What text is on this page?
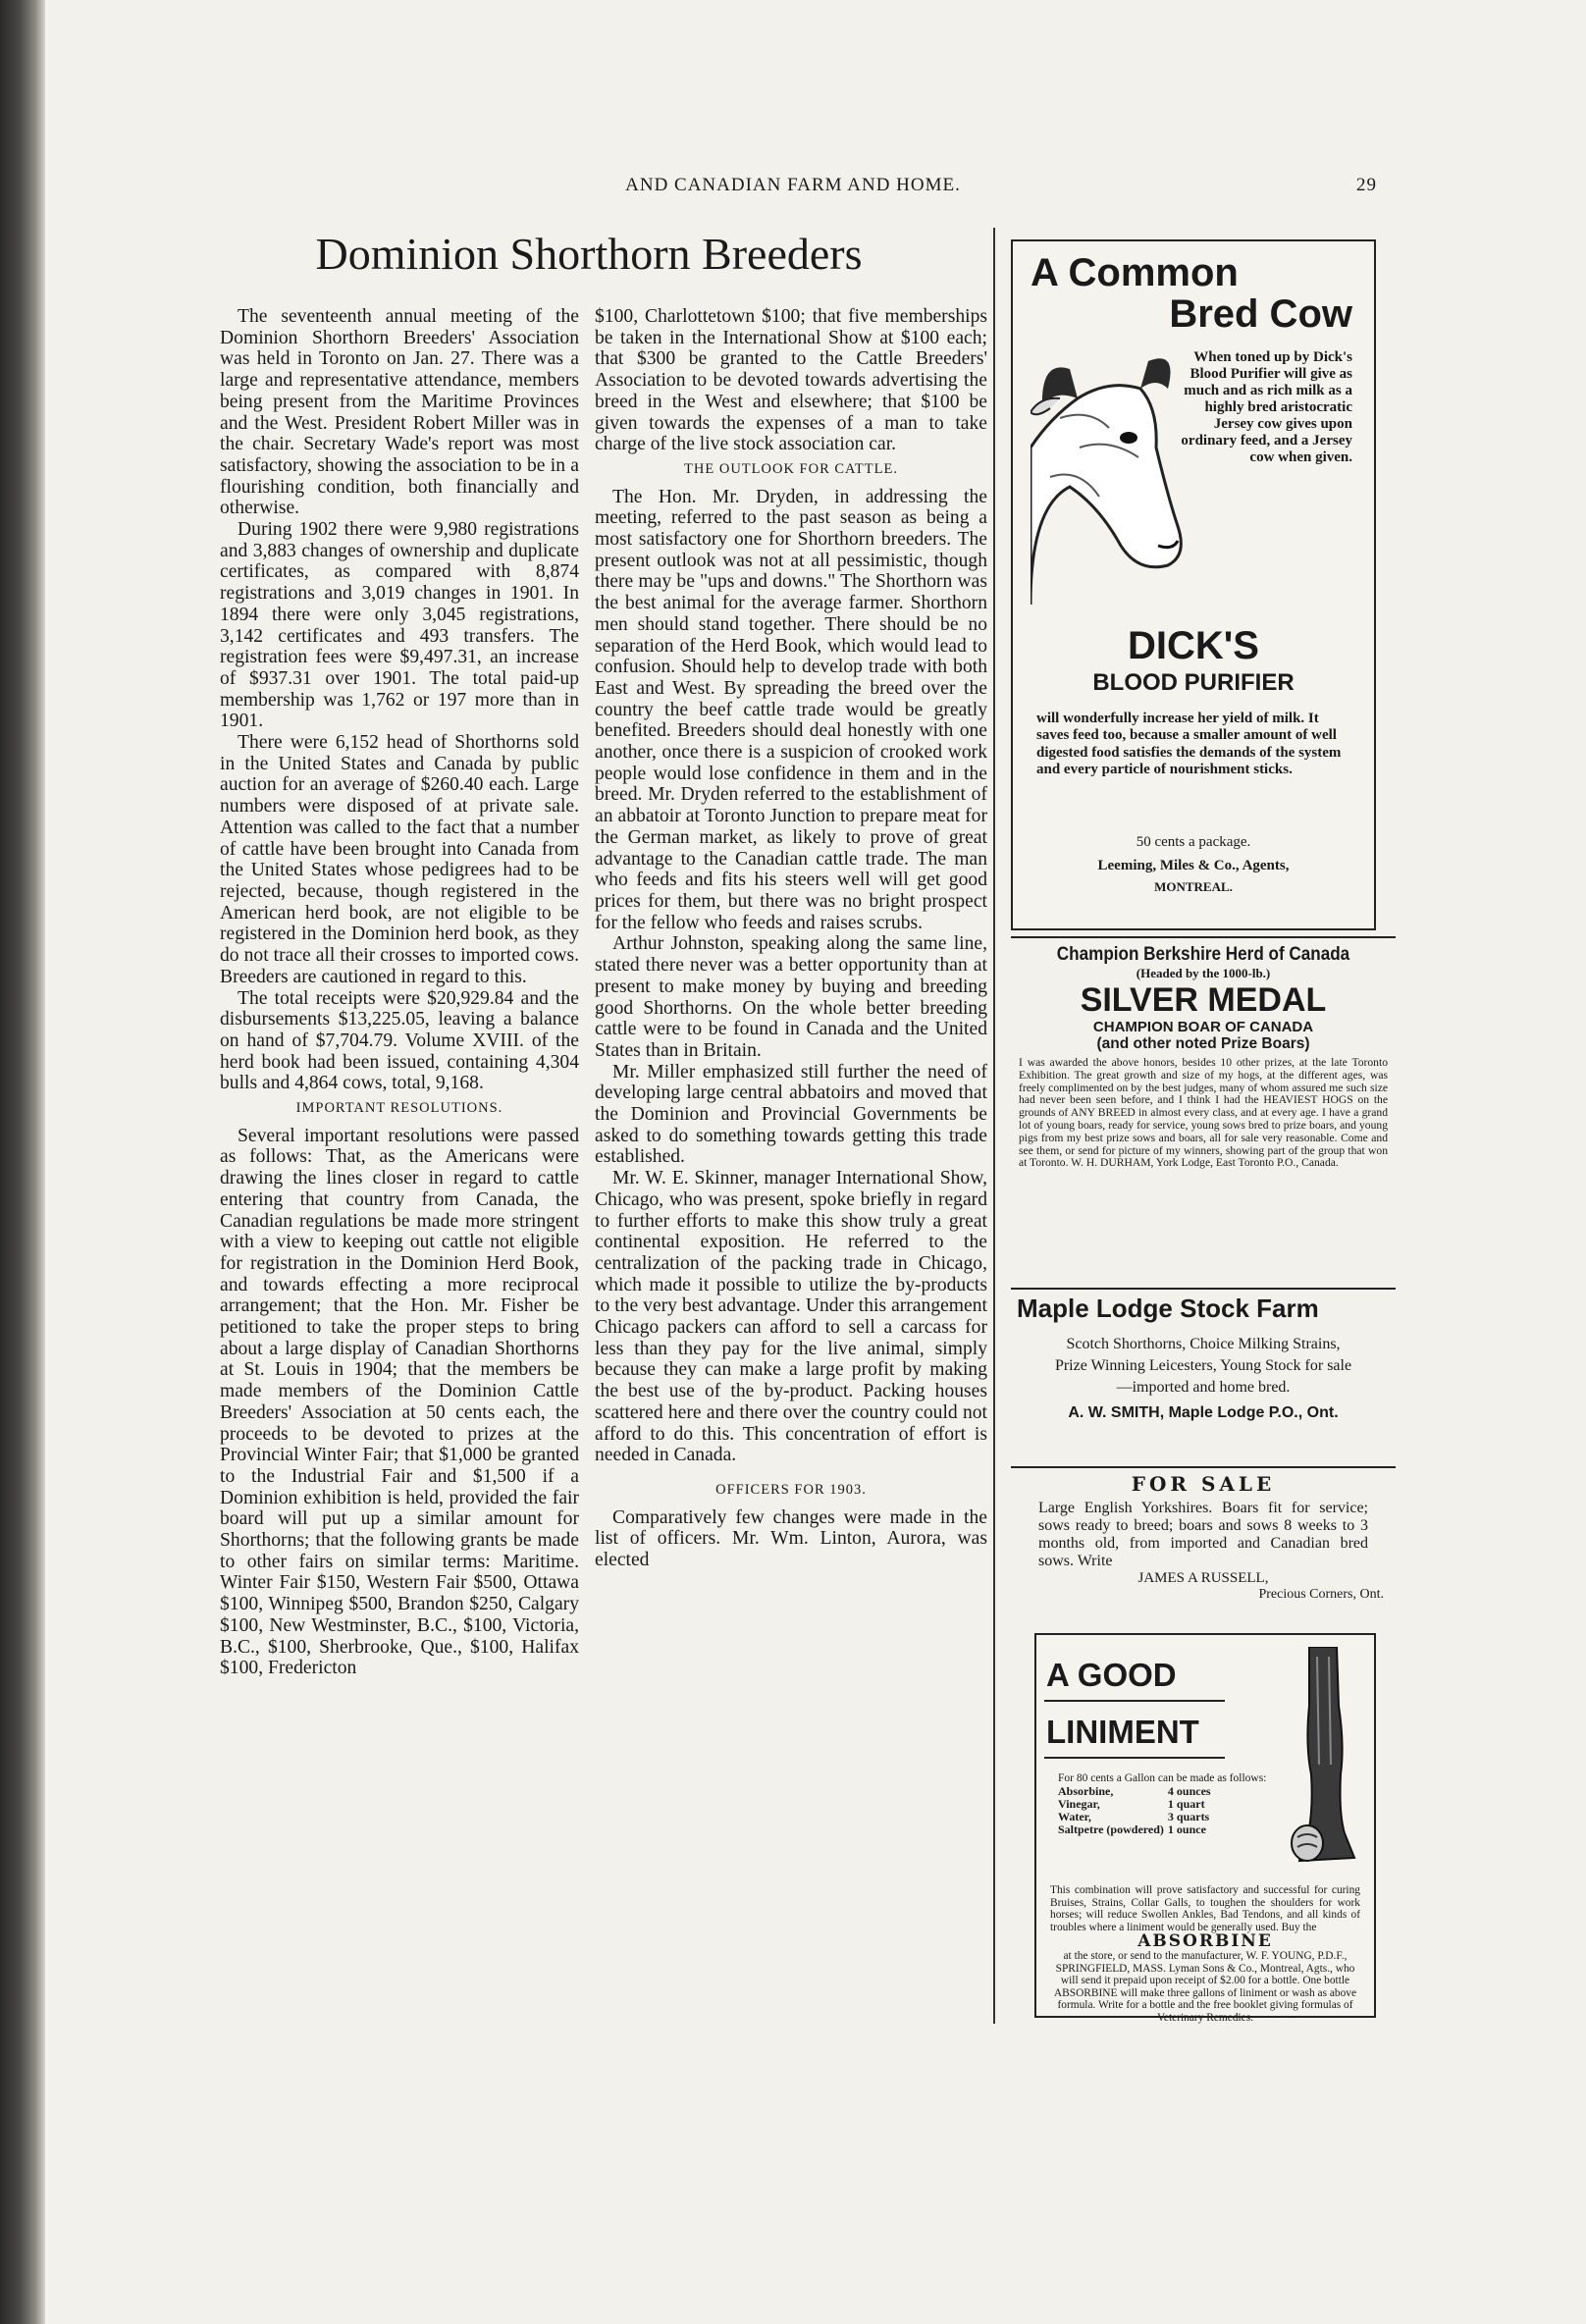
AND CANADIAN FARM AND HOME.	29
Dominion Shorthorn Breeders

The seventeenth annual meeting of the Dominion Shorthorn Breeders' Association was held in Toronto on Jan. 27. There was a large and representative attendance, members being present from the Maritime Provinces and the West. President Robert Miller was in the chair. Secretary Wade's report was most satisfactory, showing the association to be in a flourishing condition, both financially and otherwise.

During 1902 there were 9,980 registrations and 3,883 changes of ownership and duplicate certificates, as compared with 8,874 registrations and 3,019 changes in 1901. In 1894 there were only 3,045 registrations, 3,142 certificates and 493 transfers. The registration fees were $9,497.31, an increase of $937.31 over 1901. The total paid-up membership was 1,762 or 197 more than in 1901.

There were 6,152 head of Shorthorns sold in the United States and Canada by public auction for an average of $260.40 each. Large numbers were disposed of at private sale. Attention was called to the fact that a number of cattle have been brought into Canada from the United States whose pedigrees had to be rejected, because, though registered in the American herd book, are not eligible to be registered in the Dominion herd book, as they do not trace all their crosses to imported cows. Breeders are cautioned in regard to this.

The total receipts were $20,929.84 and the disbursements $13,225.05, leaving a balance on hand of $7,704.79. Volume XVIII. of the herd book had been issued, containing 4,304 bulls and 4,864 cows, total, 9,168.

IMPORTANT RESOLUTIONS.

Several important resolutions were passed as follows: That, as the Americans were drawing the lines closer in regard to cattle entering that country from Canada, the Canadian regulations be made more stringent with a view to keeping out cattle not eligible for registration in the Dominion Herd Book, and towards effecting a more reciprocal arrangement; that the Hon. Mr. Fisher be petitioned to take the proper steps to bring about a large display of Canadian Shorthorns at St. Louis in 1904; that the members be made members of the Dominion Cattle Breeders' Association at 50 cents each, the proceeds to be devoted to prizes at the Provincial Winter Fair; that $1,000 be granted to the Industrial Fair and $1,500 if a Dominion exhibition is held, provided the fair board will put up a similar amount for Shorthorns; that the following grants be made to other fairs on similar terms: Maritime. Winter Fair $150, Western Fair $500, Ottawa $100, Winnipeg $500, Brandon $250, Calgary $100, New Westminster, B.C., $100, Victoria, B.C., $100, Sherbrooke, Que., $100, Halifax $100, Fredericton

$100, Charlottetown $100; that five memberships be taken in the International Show at $100 each; that $300 be granted to the Cattle Breeders' Association to be devoted towards advertising the breed in the West and elsewhere; that $100 be given towards the expenses of a man to take charge of the live stock association car.

THE OUTLOOK FOR CATTLE.

The Hon. Mr. Dryden, in addressing the meeting, referred to the past season as being a most satisfactory one for Shorthorn breeders. The present outlook was not at all pessimistic, though there may be "ups and downs." The Shorthorn was the best animal for the average farmer. Shorthorn men should stand together. There should be no separation of the Herd Book, which would lead to confusion. Should help to develop trade with both East and West. By spreading the breed over the country the beef cattle trade would be greatly benefited. Breeders should deal honestly with one another, once there is a suspicion of crooked work people would lose confidence in them and in the breed. Mr. Dryden referred to the establishment of an abbatoir at Toronto Junction to prepare meat for the German market, as likely to prove of great advantage to the Canadian cattle trade. The man who feeds and fits his steers well will get good prices for them, but there was no bright prospect for the fellow who feeds and raises scrubs.

Arthur Johnston, speaking along the same line, stated there never was a better opportunity than at present to make money by buying and breeding good Shorthorns. On the whole better breeding cattle were to be found in Canada and the United States than in Britain.

Mr. Miller emphasized still further the need of developing large central abbatoirs and moved that the Dominion and Provincial Governments be asked to do something towards getting this trade established.

Mr. W. E. Skinner, manager International Show, Chicago, who was present, spoke briefly in regard to further efforts to make this show truly a great continental exposition. He referred to the centralization of the packing trade in Chicago, which made it possible to utilize the by-products to the very best advantage. Under this arrangement Chicago packers can afford to sell a carcass for less than they pay for the live animal, simply because they can make a large profit by making the best use of the by-product. Packing houses scattered here and there over the country could not afford to do this. This concentration of effort is needed in Canada.

OFFICERS FOR 1903.

Comparatively few changes were made in the list of officers. Mr. Wm. Linton, Aurora, was elected

A Common
Bred Cow
When toned up by Dick's Blood Purifier will give as much and as rich milk as a highly bred aristocratic Jersey cow gives upon ordinary feed, and a Jersey cow when given.
DICK'S
BLOOD PURIFIER
will wonderfully increase her yield of milk. It saves feed too, because a smaller amount of well digested food satisfies the demands of the system and every particle of nourishment sticks.
50 cents a package.
Leeming, Miles & Co., Agents,
MONTREAL.
Champion Berkshire Herd of Canada
(Headed by the 1000-lb.)
SILVER MEDAL
CHAMPION BOAR OF CANADA
(and other noted Prize Boars)
I was awarded the above honors, besides 10 other prizes, at the late Toronto Exhibition. The great growth and size of my hogs, at the different ages, was freely complimented on by the best judges, many of whom assured me such size had never been seen before, and I think I had the HEAVIEST HOGS on the grounds of ANY BREED in almost every class, and at every age. I have a grand lot of young boars, ready for service, young sows bred to prize boars, and young pigs from my best prize sows and boars, all for sale very reasonable. Come and see them, or send for picture of my winners, showing part of the group that won at Toronto. W. H. DURHAM, York Lodge, East Toronto P.O., Canada.
Maple Lodge Stock Farm
Scotch Shorthorns, Choice Milking Strains, Prize Winning Leicesters, Young Stock for sale—imported and home bred.
A. W. SMITH, Maple Lodge P.O., Ont.
FOR SALE
Large English Yorkshires. Boars fit for service; sows ready to breed; boars and sows 8 weeks to 3 months old, from imported and Canadian bred sows. Write
JAMES A RUSSELL,
Precious Corners, Ont.
A GOOD
LINIMENT
For 80 cents a Gallon can be made as follows:
Absorbine,	4 ounces
Vinegar,	1 quart
Water,	3 quarts
Saltpetre (powdered)	1 ounce
This combination will prove satisfactory and successful for curing Bruises, Strains, Collar Galls, to toughen the shoulders for work horses; will reduce Swollen Ankles, Bad Tendons, and all kinds of troubles where a liniment would be generally used. Buy the
ABSORBINE
at the store, or send to the manufacturer, W. F. YOUNG, P.D.F., SPRINGFIELD, MASS. Lyman Sons & Co., Montreal, Agts., who will send it prepaid upon receipt of $2.00 for a bottle. One bottle ABSORBINE will make three gallons of liniment or wash as above formula. Write for a bottle and the free booklet giving formulas of Veterinary Remedies.
